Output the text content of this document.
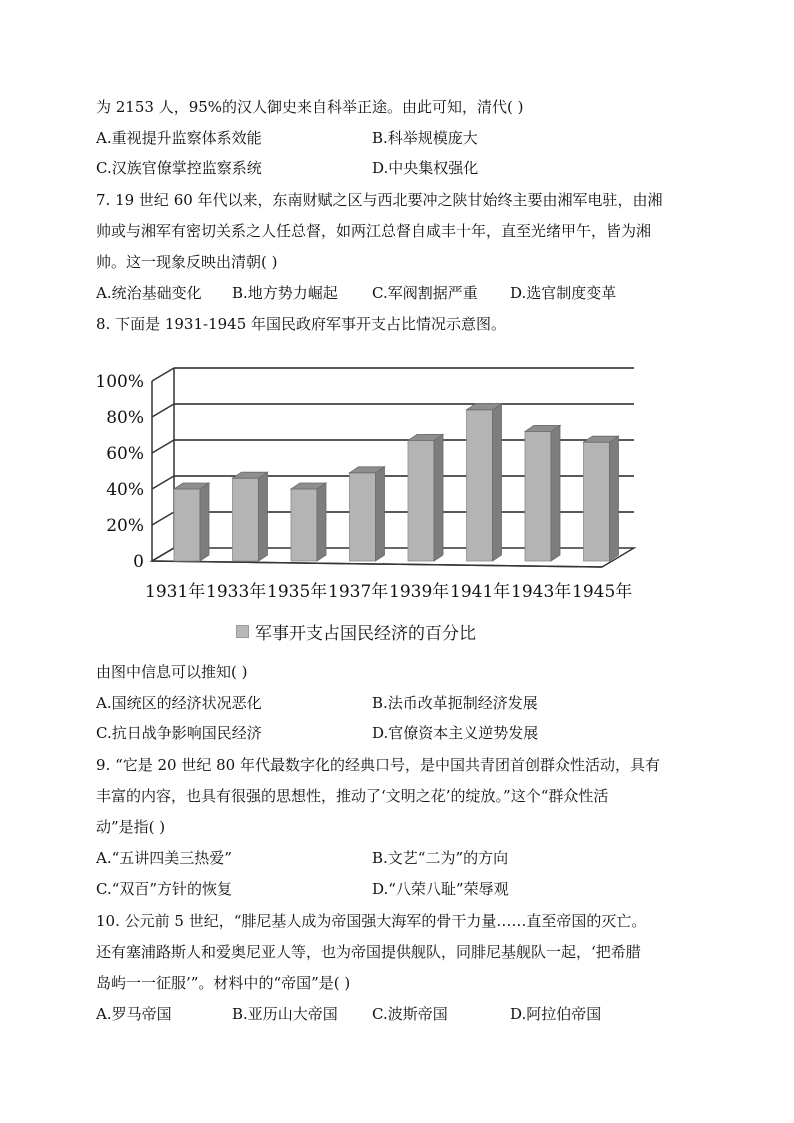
为 2153 人，95%的汉人御史来自科举正途。由此可知，清代( )
A.重视提升监察体系效能	B.科举规模庞大
C.汉族官僚掌控监察系统	D.中央集权强化
7. 19 世纪 60 年代以来，东南财赋之区与西北要冲之陕甘始终主要由湘军电驻，由湘
帅或与湘军有密切关系之人任总督，如两江总督自咸丰十年，直至光绪甲午，皆为湘
帅。这一现象反映出清朝( )
A.统治基础变化 B.地方势力崛起 C.军阀割据严重 D.选官制度变革
8. 下面是 1931-1945 年国民政府军事开支占比情况示意图。
0
20%
40%
60%
80%
100%
1931年 1933年 1935年 1937年 1939年 1941年 1943年 1945年
军事开支占国民经济的百分比
由图中信息可以推知( )
A.国统区的经济状况恶化	B.法币改革扼制经济发展
C.抗日战争影响国民经济	D.官僚资本主义逆势发展
9. “它是 20 世纪 80 年代最数字化的经典口号，是中国共青团首创群众性活动，具有
丰富的内容，也具有很强的思想性，推动了‘文明之花’的绽放。”这个“群众性活
动”是指( )
A.“五讲四美三热爱”	B.文艺“二为”的方向
C.“双百”方针的恢复	D.“八荣八耻”荣辱观
10. 公元前 5 世纪，“腓尼基人成为帝国强大海军的骨干力量……直至帝国的灭亡。
还有塞浦路斯人和爱奥尼亚人等，也为帝国提供舰队，同腓尼基舰队一起，‘把希腊
岛屿一一征服’”。材料中的“帝国”是( )
A.罗马帝国	B.亚历山大帝国 C.波斯帝国	D.阿拉伯帝国
